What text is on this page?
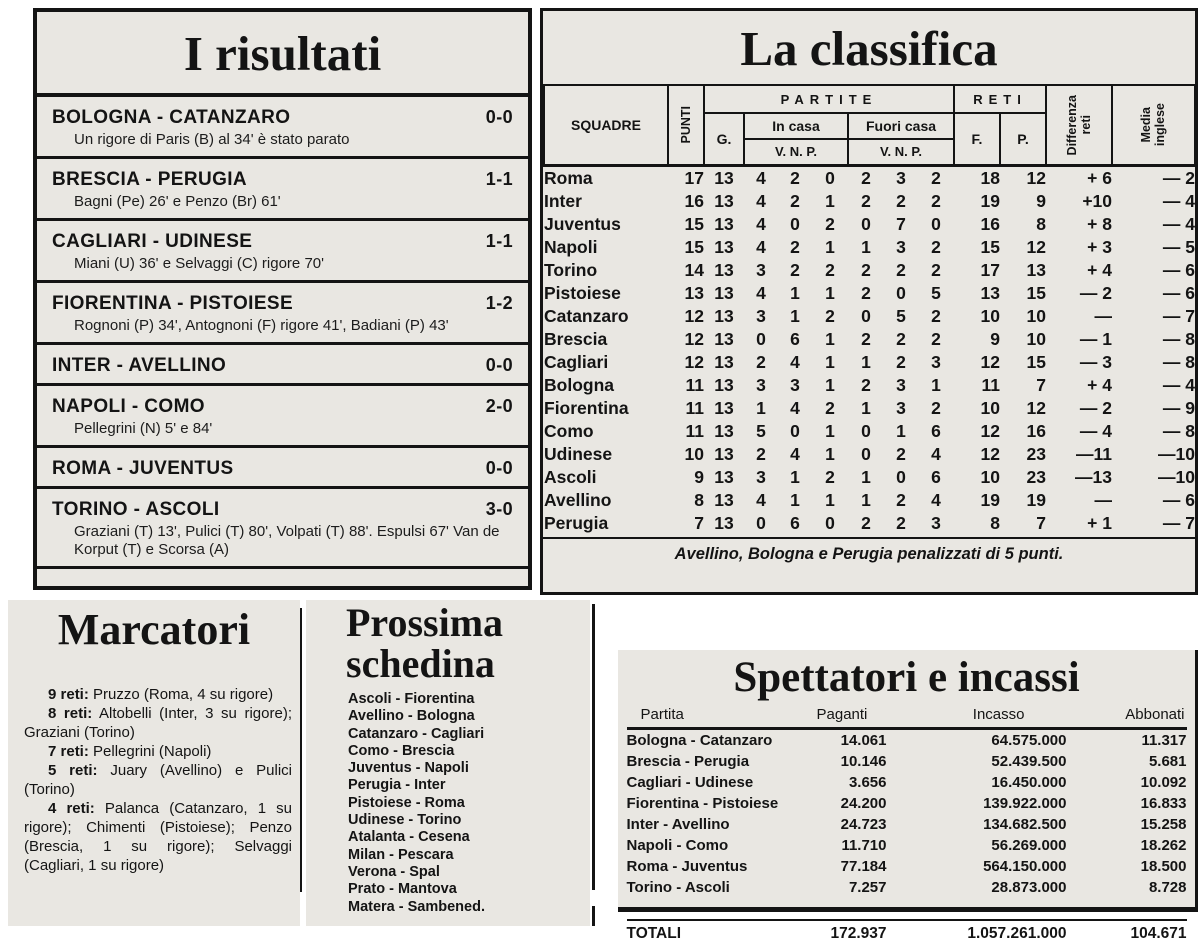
I risultati
BOLOGNA - CATANZARO	0-0
Un rigore di Paris (B) al 34' è stato parato
BRESCIA - PERUGIA	1-1
Bagni (Pe) 26' e Penzo (Br) 61'
CAGLIARI - UDINESE	1-1
Miani (U) 36' e Selvaggi (C) rigore 70'
FIORENTINA - PISTOIESE	1-2
Rognoni (P) 34', Antognoni (F) rigore 41', Badiani (P) 43'
INTER - AVELLINO	0-0
NAPOLI - COMO	2-0
Pellegrini (N) 5' e 84'
ROMA - JUVENTUS	0-0
TORINO - ASCOLI	3-0
Graziani (T) 13', Pulici (T) 80', Volpati (T) 88'. Espulsi 67' Van de Korput (T) e Scorsa (A)
La classifica
SQUADRE	PUNTI	PARTITE							RETI		Differenza reti	Media inglese

		G.	In casa			Fuori casa			F.	P.		
			V. N. P.			V. N. P.						
Roma	17	13	4	2	0	2	3	2	18	12	+ 6	— 2
Inter	16	13	4	2	1	2	2	2	19	9	+10	— 4
Juventus	15	13	4	0	2	0	7	0	16	8	+ 8	— 4
Napoli	15	13	4	2	1	1	3	2	15	12	+ 3	— 5
Torino	14	13	3	2	2	2	2	2	17	13	+ 4	— 6
Pistoiese	13	13	4	1	1	2	0	5	13	15	— 2	— 6
Catanzaro	12	13	3	1	2	0	5	2	10	10	—	— 7
Brescia	12	13	0	6	1	2	2	2	9	10	— 1	— 8
Cagliari	12	13	2	4	1	1	2	3	12	15	— 3	— 8
Bologna	11	13	3	3	1	2	3	1	11	7	+ 4	— 4
Fiorentina	11	13	1	4	2	1	3	2	10	12	— 2	— 9
Como	11	13	5	0	1	0	1	6	12	16	— 4	— 8
Udinese	10	13	2	4	1	0	2	4	12	23	—11	—10
Ascoli	9	13	3	1	2	1	0	6	10	23	—13	—10
Avellino	8	13	4	1	1	1	2	4	19	19	—	— 6
Perugia	7	13	0	6	0	2	2	3	8	7	+ 1	— 7
Avellino, Bologna e Perugia penalizzati di 5 punti.
Marcatori

9 reti: Pruzzo (Roma, 4 su rigore)

8 reti: Altobelli (Inter, 3 su rigore); Graziani (Torino)

7 reti: Pellegrini (Napoli)

5 reti: Juary (Avellino) e Pulici (Torino)

4 reti: Palanca (Catanzaro, 1 su rigore); Chimenti (Pistoiese); Penzo (Brescia, 1 su rigore); Selvaggi (Cagliari, 1 su rigore)

Prossima
schedina
Ascoli - Fiorentina
Avellino - Bologna
Catanzaro - Cagliari
Como - Brescia
Juventus - Napoli
Perugia - Inter
Pistoiese - Roma
Udinese - Torino
Atalanta - Cesena
Milan - Pescara
Verona - Spal
Prato - Mantova
Matera - Sambened.
Spettatori e incassi
Partita	Paganti	Incasso	Abbonati
Bologna - Catanzaro	14.061	64.575.000	11.317
Brescia - Perugia	10.146	52.439.500	5.681
Cagliari - Udinese	3.656	16.450.000	10.092
Fiorentina - Pistoiese	24.200	139.922.000	16.833
Inter - Avellino	24.723	134.682.500	15.258
Napoli - Como	11.710	56.269.000	18.262
Roma - Juventus	77.184	564.150.000	18.500
Torino - Ascoli	7.257	28.873.000	8.728

TOTALI	172.937	1.057.261.000	104.671
